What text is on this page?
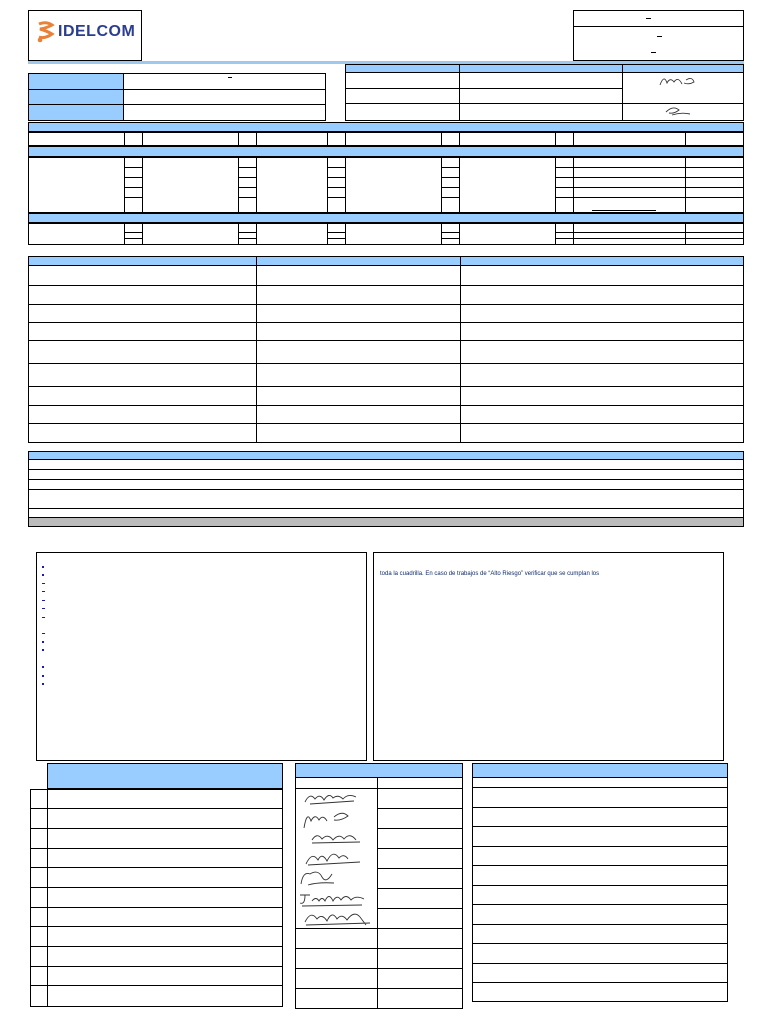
IDELCOM
toda la cuadrilla. En caso de trabajos de “Alto Riesgo” verificar que se cumplan los
